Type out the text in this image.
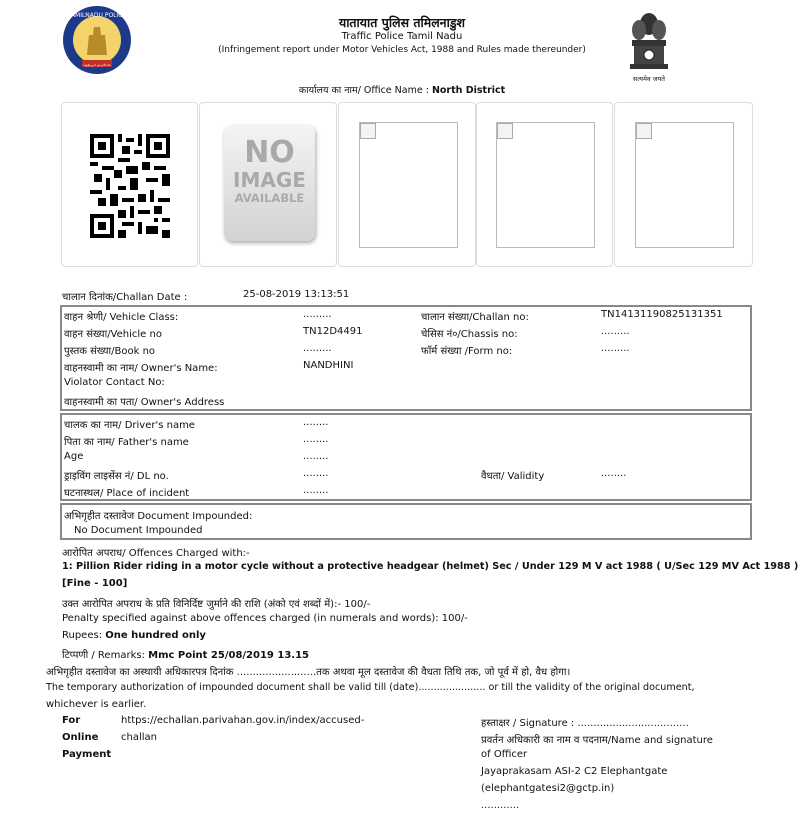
TAMILNADU POLICE
சத்தியம் தவறேல்
यातायात पुलिस तमिलनाडुश
Traffic Police Tamil Nadu
(Infringement report under Motor Vehicles Act, 1988 and Rules made thereunder)
सत्यमेव जयते
कार्यालय का नाम/ Office Name : North District
NO
IMAGE
AVAILABLE
चालान दिनांक/Challan Date :	25-08-2019 13:13:51
वाहन श्रेणी/ Vehicle Class:	.........	चालान संख्या/Challan no:	TN14131190825131351
वाहन संख्या/Vehicle no	TN12D4491	चेसिस नं०/Chassis no:	.........
पुस्तक संख्या/Book no	.........	फॉर्म संख्या /Form no:	.........
वाहनस्वामी का नाम/ Owner's Name:	NANDHINI
Violator Contact No:
वाहनस्वामी का पता/ Owner's Address
चालक का नाम/ Driver's name	........
पिता का नाम/ Father's name	........
Age	........
ड्राइविंग लाइसेंस नं/ DL no.	........	वैधता/ Validity	........
घटनास्थल/ Place of incident	........
अभिगृहीत दस्तावेज Document Impounded:
No Document Impounded
आरोपित अपराध/ Offences Charged with:-
1: Pillion Rider riding in a motor cycle without a protective headgear (helmet) Sec / Under 129 M V act 1988 ( U/Sec 129 MV Act 1988 )
[Fine - 100]
उक्त आरोपित अपराध के प्रति विनिर्दिष्ट जुर्माने की राशि (अंको एवं शब्दों में):- 100/-
Penalty specified against above offences charged (in numerals and words): 100/-
Rupees: One hundred only
टिप्पणी / Remarks: Mmc Point 25/08/2019 13.15
अभिगृहीत दस्तावेज का अस्थायी अधिकारपत्र दिनांक .........................तक अथवा मूल दस्तावेज की वैधता तिथि तक, जो पूर्व में हो, वैध होगा।
The temporary authorization of impounded document shall be valid till (date)...................... or till the validity of the original document,
whichever is earlier.
For
Online
Payment
https://echallan.parivahan.gov.in/index/accused-
challan
हस्ताक्षर / Signature : ...................................
प्रवर्तन अधिकारी का नाम व पदनाम/Name and signature
of Officer
Jayaprakasam ASI-2 C2 Elephantgate
(elephantgatesi2@gctp.in)
............
